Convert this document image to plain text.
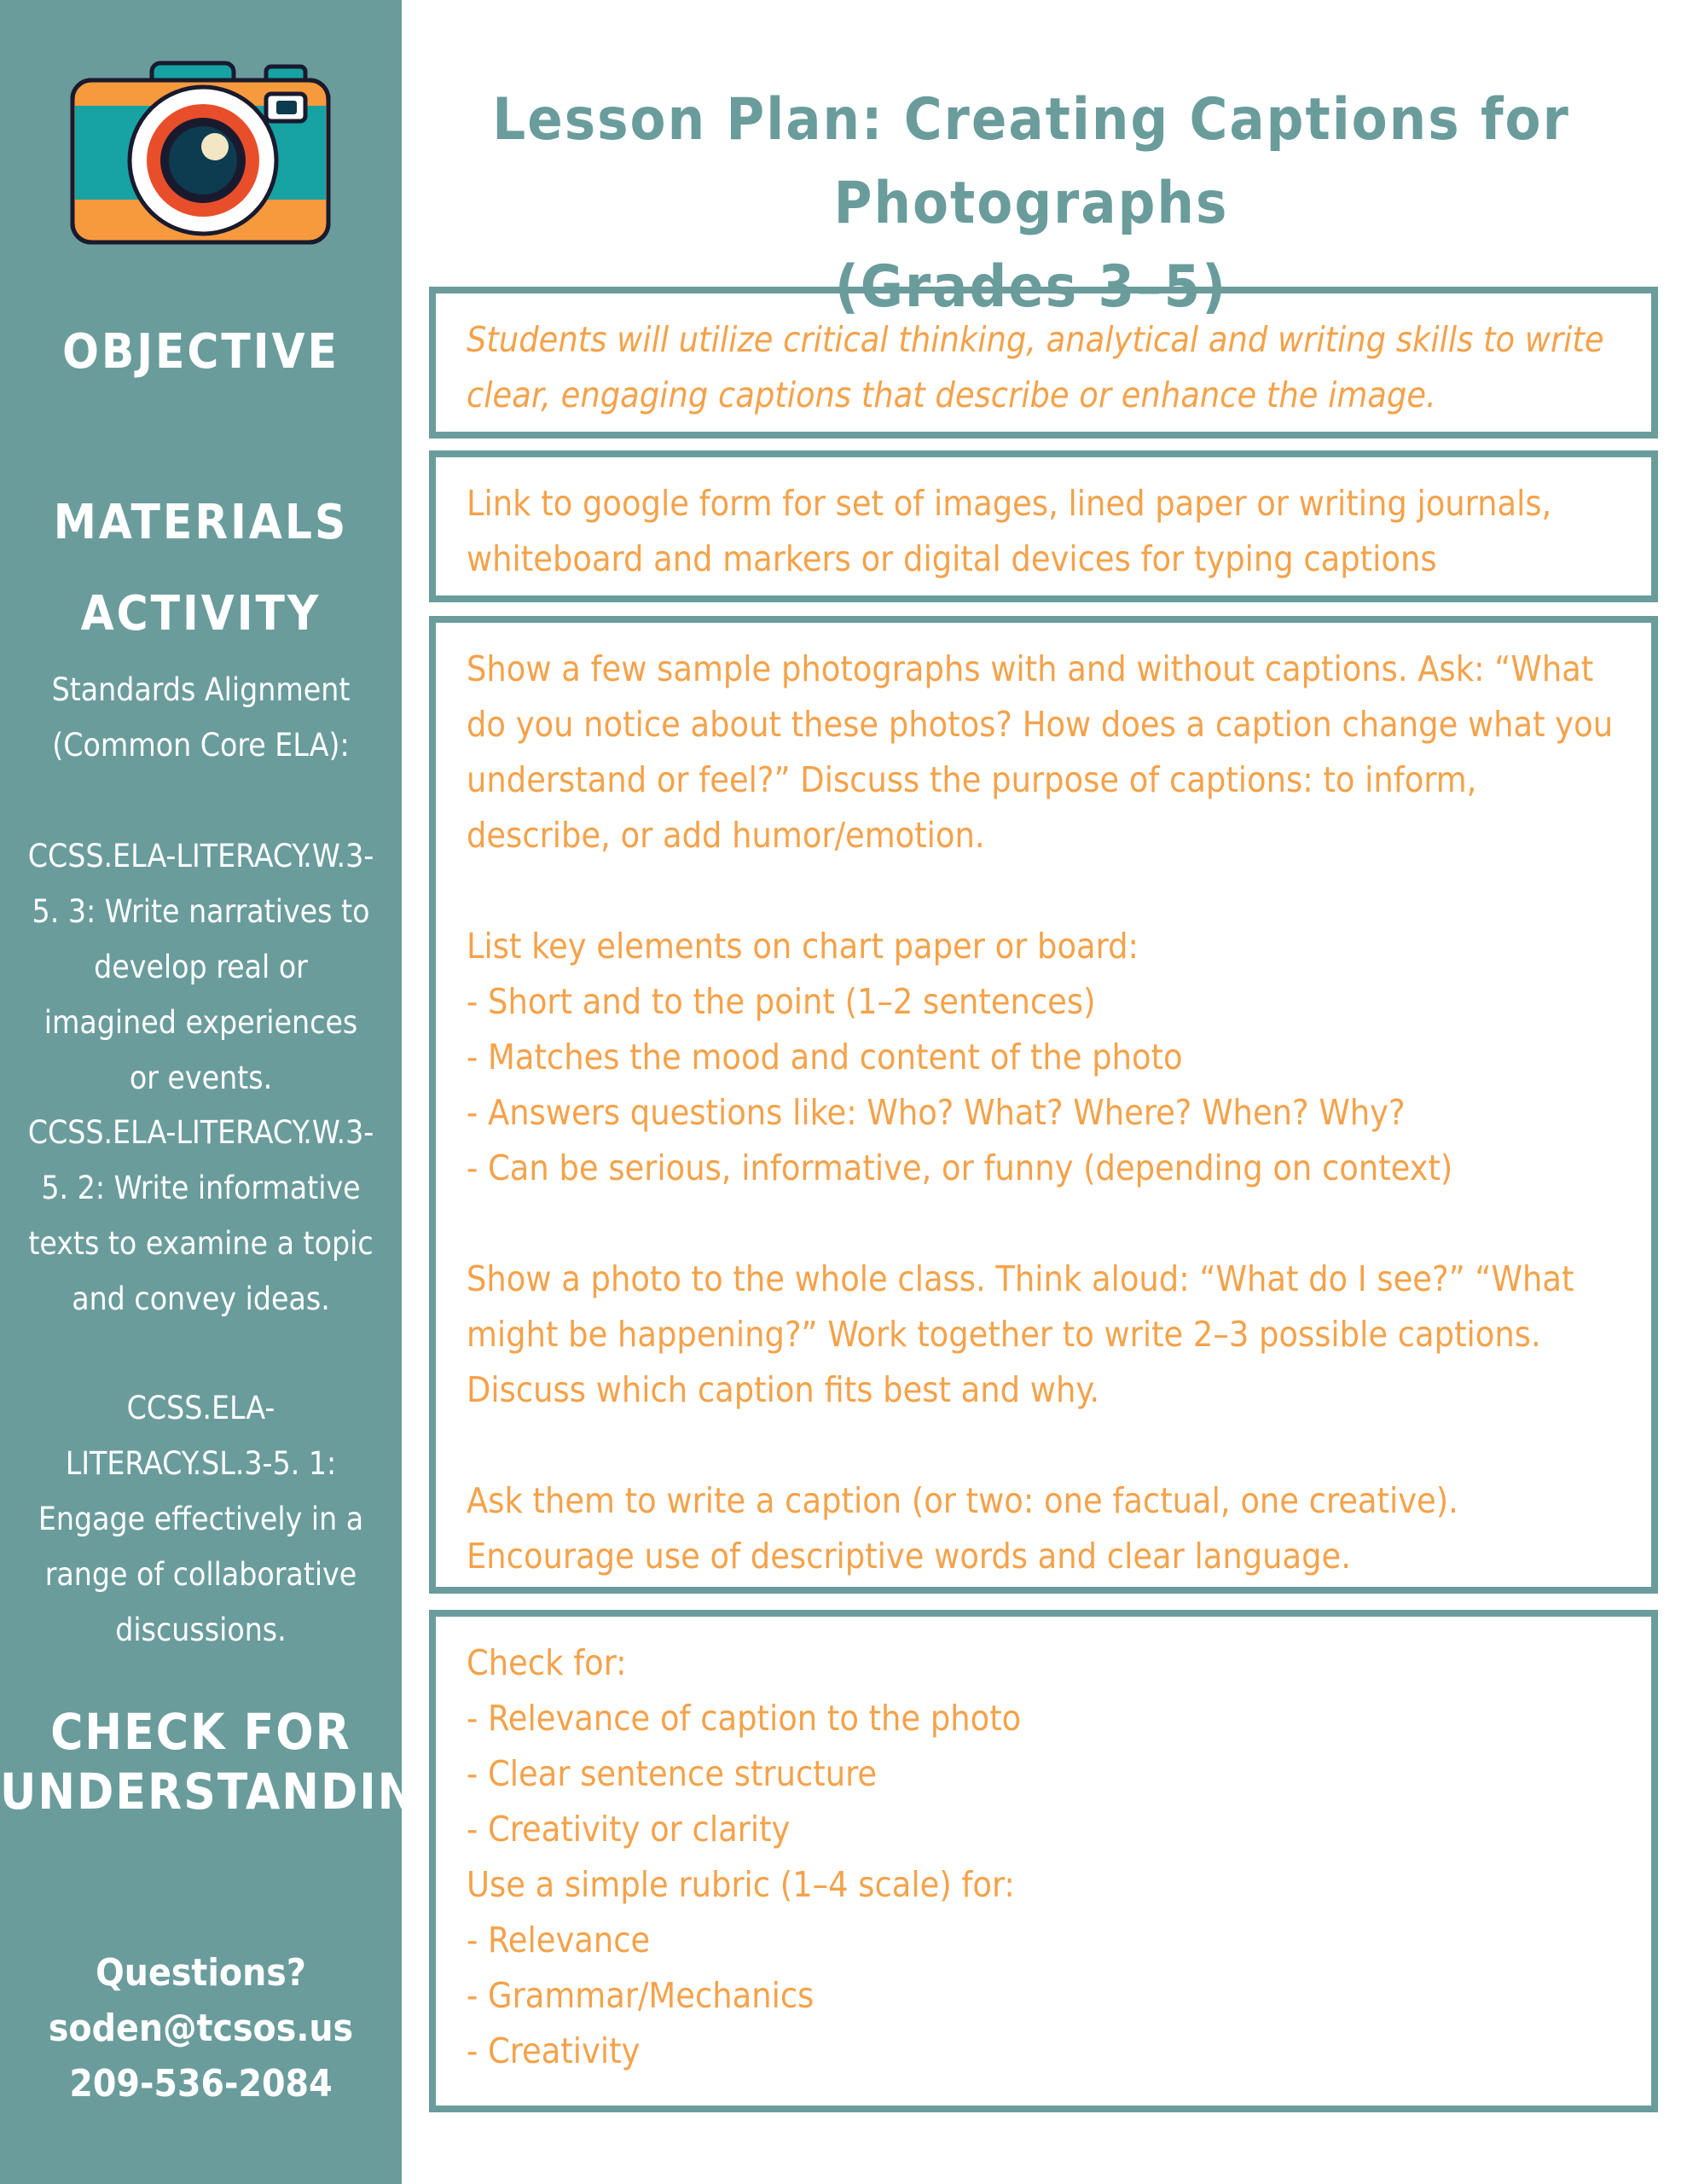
OBJECTIVE
MATERIALS
ACTIVITY
Standards Alignment (Common Core ELA):
CCSS.ELA-LITERACY.W.3-5. 3: Write narratives to develop real or imagined experiences or events.
CCSS.ELA-LITERACY.W.3-5. 2: Write informative texts to examine a topic and convey ideas.
CCSS.ELA-LITERACY.SL.3-5. 1: Engage effectively in a range of collaborative discussions.
CHECK FOR
UNDERSTANDING
Questions?
soden@tcsos.us
209-536-2084
Lesson Plan: Creating Captions for Photographs
(Grades 3–5)

Students will utilize critical thinking, analytical and writing skills to write clear, engaging captions that describe or enhance the image.

Link to google form for set of images, lined paper or writing journals, whiteboard and markers or digital devices for typing captions

Show a few sample photographs with and without captions. Ask: “What do you notice about these photos? How does a caption change what you understand or feel?” Discuss the purpose of captions: to inform, describe, or add humor/emotion.

List key elements on chart paper or board:

- Short and to the point (1–2 sentences)

- Matches the mood and content of the photo

- Answers questions like: Who? What? Where? When? Why?

- Can be serious, informative, or funny (depending on context)

Show a photo to the whole class. Think aloud: “What do I see?” “What might be happening?” Work together to write 2–3 possible captions. Discuss which caption fits best and why.

Ask them to write a caption (or two: one factual, one creative). Encourage use of descriptive words and clear language.

Check for:

- Relevance of caption to the photo

- Clear sentence structure

- Creativity or clarity

Use a simple rubric (1–4 scale) for:

- Relevance

- Grammar/Mechanics

- Creativity
